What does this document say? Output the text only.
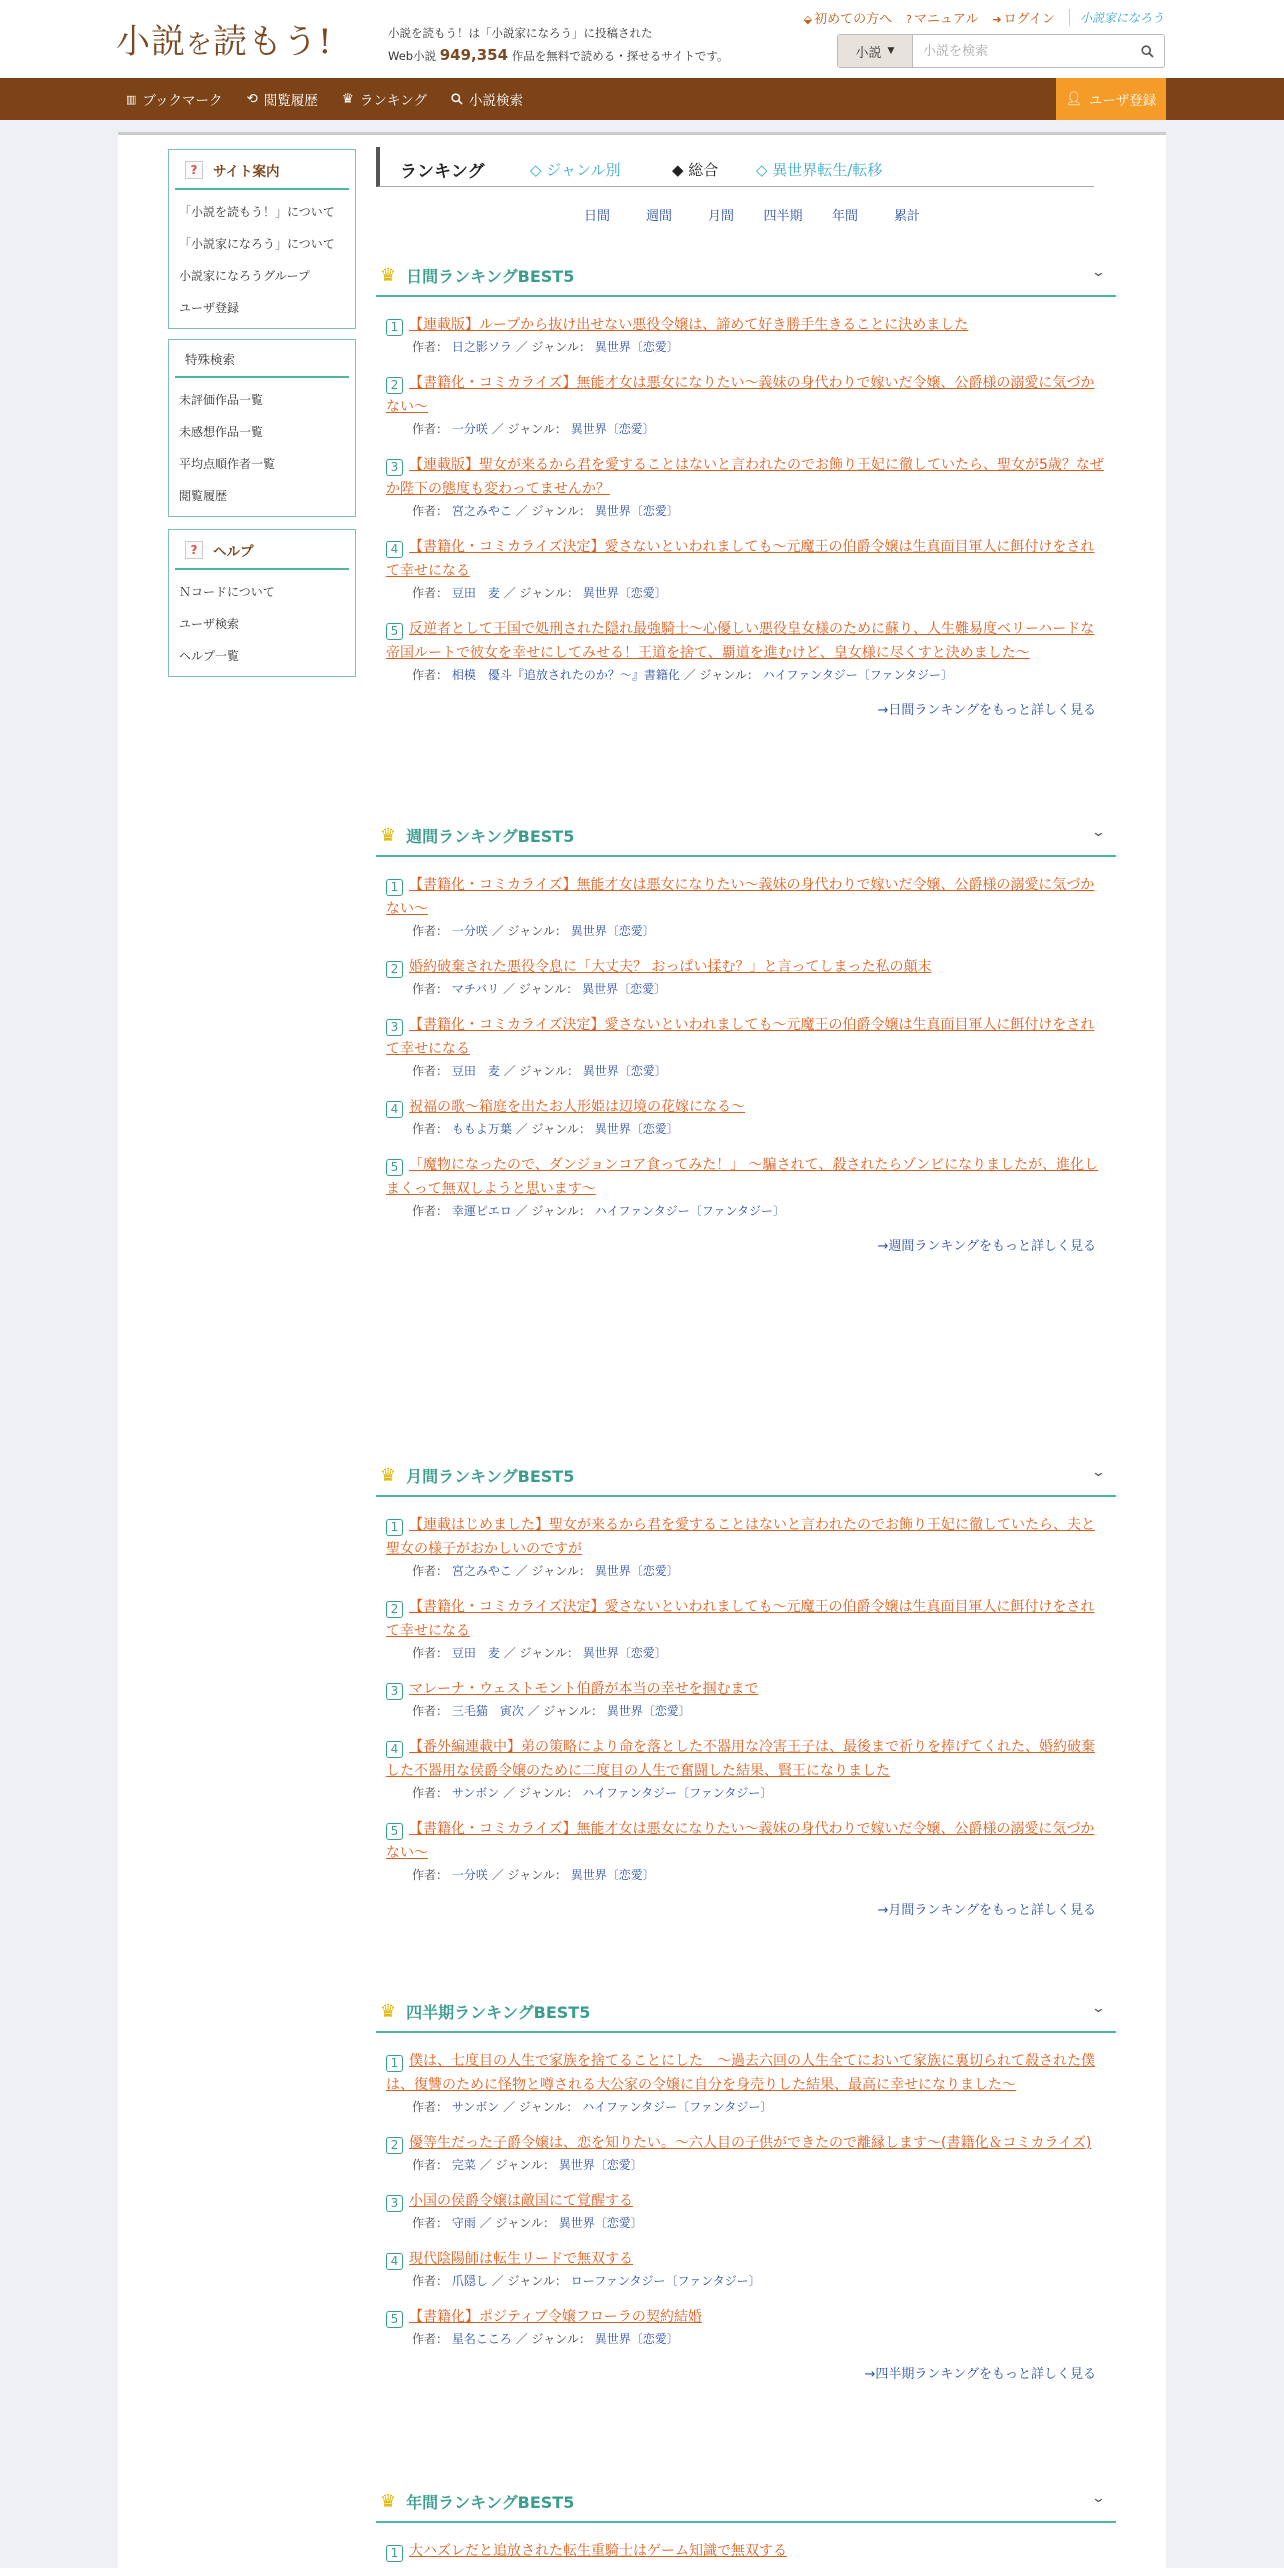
小説を読もう!	小説を読もう！は「小説家になろう」に投稿された
Web小説 949,354 作品を無料で読める・探せるサイトです。
⬙ 初めての方へ ? マニュアル ➜ ログイン	小説家になろう
小説 ▼
小説を検索
▥ ブックマーク ⟲ 閲覧履歴 ♛ ランキング	小説検索	👤︎ ユーザ登録
?	サイト案内
「小説を読もう！」について
「小説家になろう」について
小説家になろうグループ
ユーザ登録
特殊検索
未評価作品一覧
未感想作品一覧
平均点順作者一覧
閲覧履歴
?	ヘルプ
Ｎコードについて
ユーザ検索
ヘルプ一覧
ランキング	◇ ジャンル別	◆ 総合	◇ 異世界転生/転移
日間	週間	月間	四半期	年間	累計
♛ 日間ランキングBEST5	⌄
1 【連載版】ループから抜け出せない悪役令嬢は、諦めて好き勝手生きることに決めました
作者： 日之影ソラ ／ ジャンル： 異世界〔恋愛〕
2 【書籍化・コミカライズ】無能才女は悪女になりたい～義妹の身代わりで嫁いだ令嬢、公爵様の溺愛に気づかない～
作者： 一分咲 ／ ジャンル： 異世界〔恋愛〕
3 【連載版】聖女が来るから君を愛することはないと言われたのでお飾り王妃に徹していたら、聖女が5歳？なぜか陛下の態度も変わってませんか？
作者： 宮之みやこ ／ ジャンル： 異世界〔恋愛〕
4 【書籍化・コミカライズ決定】愛さないといわれましても～元魔王の伯爵令嬢は生真面目軍人に餌付けをされて幸せになる
作者： 豆田　麦 ／ ジャンル： 異世界〔恋愛〕
5 反逆者として王国で処刑された隠れ最強騎士〜心優しい悪役皇女様のために蘇り、人生難易度ベリーハードな帝国ルートで彼女を幸せにしてみせる！王道を捨て、覇道を進むけど、皇女様に尽くすと決めました〜
作者： 相模　優斗『追放されたのか？〜』書籍化 ／ ジャンル： ハイファンタジー〔ファンタジー〕
→日間ランキングをもっと詳しく見る
♛ 週間ランキングBEST5	⌄
1 【書籍化・コミカライズ】無能才女は悪女になりたい～義妹の身代わりで嫁いだ令嬢、公爵様の溺愛に気づかない～
作者： 一分咲 ／ ジャンル： 異世界〔恋愛〕
2 婚約破棄された悪役令息に「大丈夫？ おっぱい揉む？」と言ってしまった私の顛末
作者： マチバリ ／ ジャンル： 異世界〔恋愛〕
3 【書籍化・コミカライズ決定】愛さないといわれましても～元魔王の伯爵令嬢は生真面目軍人に餌付けをされて幸せになる
作者： 豆田　麦 ／ ジャンル： 異世界〔恋愛〕
4 祝福の歌～箱庭を出たお人形姫は辺境の花嫁になる～
作者： ももよ万葉 ／ ジャンル： 異世界〔恋愛〕
5 「魔物になったので、ダンジョンコア食ってみた！」 ～騙されて、殺されたらゾンビになりましたが、進化しまくって無双しようと思います～
作者： 幸運ピエロ ／ ジャンル： ハイファンタジー〔ファンタジー〕
→週間ランキングをもっと詳しく見る
♛ 月間ランキングBEST5	⌄
1 【連載はじめました】聖女が来るから君を愛することはないと言われたのでお飾り王妃に徹していたら、夫と聖女の様子がおかしいのですが
作者： 宮之みやこ ／ ジャンル： 異世界〔恋愛〕
2 【書籍化・コミカライズ決定】愛さないといわれましても～元魔王の伯爵令嬢は生真面目軍人に餌付けをされて幸せになる
作者： 豆田　麦 ／ ジャンル： 異世界〔恋愛〕
3 マレーナ・ウェストモント伯爵が本当の幸せを掴むまで
作者： 三毛猫　寅次 ／ ジャンル： 異世界〔恋愛〕
4 【番外編連載中】弟の策略により命を落とした不器用な冷害王子は、最後まで祈りを捧げてくれた、婚約破棄した不器用な侯爵令嬢のために二度目の人生で奮闘した結果、賢王になりました
作者： サンボン ／ ジャンル： ハイファンタジー〔ファンタジー〕
5 【書籍化・コミカライズ】無能才女は悪女になりたい～義妹の身代わりで嫁いだ令嬢、公爵様の溺愛に気づかない～
作者： 一分咲 ／ ジャンル： 異世界〔恋愛〕
→月間ランキングをもっと詳しく見る
♛ 四半期ランキングBEST5	⌄
1 僕は、七度目の人生で家族を捨てることにした　～過去六回の人生全てにおいて家族に裏切られて殺された僕は、復讐のために怪物と噂される大公家の令嬢に自分を身売りした結果、最高に幸せになりました～
作者： サンボン ／ ジャンル： ハイファンタジー〔ファンタジー〕
2 優等生だった子爵令嬢は、恋を知りたい。～六人目の子供ができたので離縁します～(書籍化＆コミカライズ)
作者： 完菜 ／ ジャンル： 異世界〔恋愛〕
3 小国の侯爵令嬢は敵国にて覚醒する
作者： 守雨 ／ ジャンル： 異世界〔恋愛〕
4 現代陰陽師は転生リードで無双する
作者： 爪隠し ／ ジャンル： ローファンタジー〔ファンタジー〕
5 【書籍化】ポジティブ令嬢フローラの契約結婚
作者： 星名こころ ／ ジャンル： 異世界〔恋愛〕
→四半期ランキングをもっと詳しく見る
♛ 年間ランキングBEST5	⌄
1 大ハズレだと追放された転生重騎士はゲーム知識で無双する
